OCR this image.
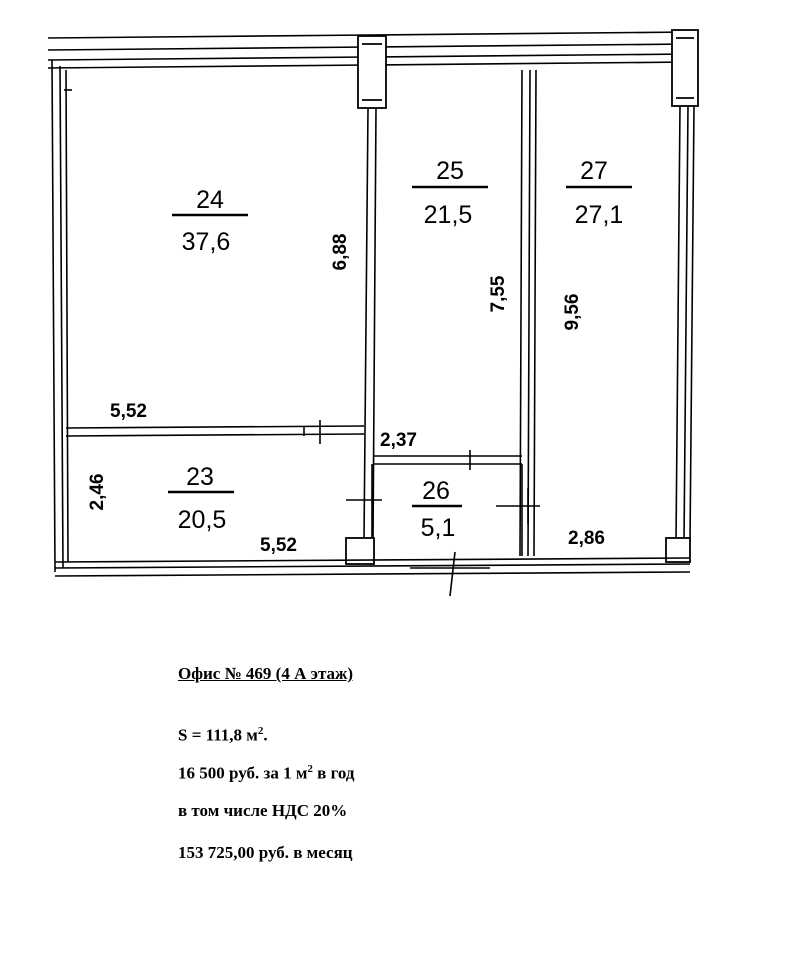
24
37,6
25
21,5
27
27,1
23
20,5
26
5,1
6,88
5,52
7,55	9,56
2,37
2,46
5,52	2,86
Офис № 469 (4 А этаж)
S = 111,8 $м^2$.
16 500 руб. за 1 $м^2$ в год
в том числе НДС 20%
153 725,00 руб. в месяц
